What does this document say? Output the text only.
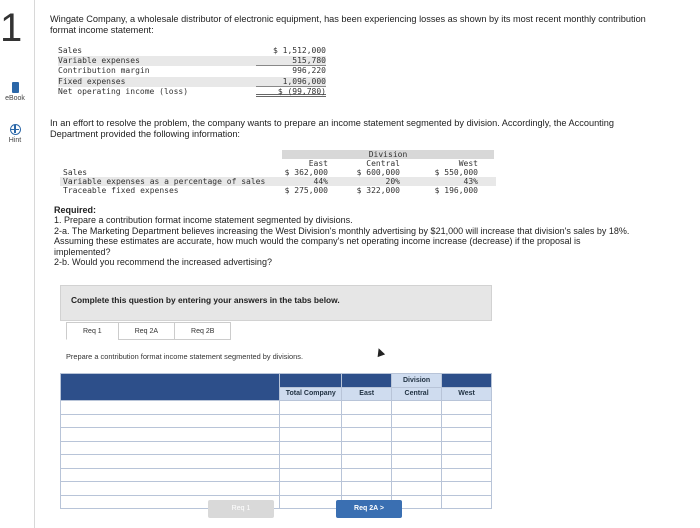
1
eBook
Hint
Wingate Company, a wholesale distributor of electronic equipment, has been experiencing losses as shown by its most recent monthly contribution format income statement:
Sales	$ 1,512,000
Variable expenses	515,780
Contribution margin	996,220
Fixed expenses	1,096,000
Net operating income (loss)	$ (99,780)
In an effort to resolve the problem, the company wants to prepare an income statement segmented by division. Accordingly, the Accounting Department provided the following information:
Division
East	Central	West
Sales	$ 362,000	$ 600,000	$ 550,000
Variable expenses as a percentage of sales	44%	20%	43%
Traceable fixed expenses	$ 275,000	$ 322,000	$ 196,000
Required:
1. Prepare a contribution format income statement segmented by divisions.
2-a. The Marketing Department believes increasing the West Division's monthly advertising by $21,000 will increase that division's sales by 18%. Assuming these estimates are accurate, how much would the company's net operating income increase (decrease) if the proposal is implemented?
2-b. Would you recommend the increased advertising?
Complete this question by entering your answers in the tabs below.
Req 1	Req 2A	Req 2B
Prepare a contribution format income statement segmented by divisions.
			Division	
	Total Company	East	Central	West

Req 1	Req 2A >
